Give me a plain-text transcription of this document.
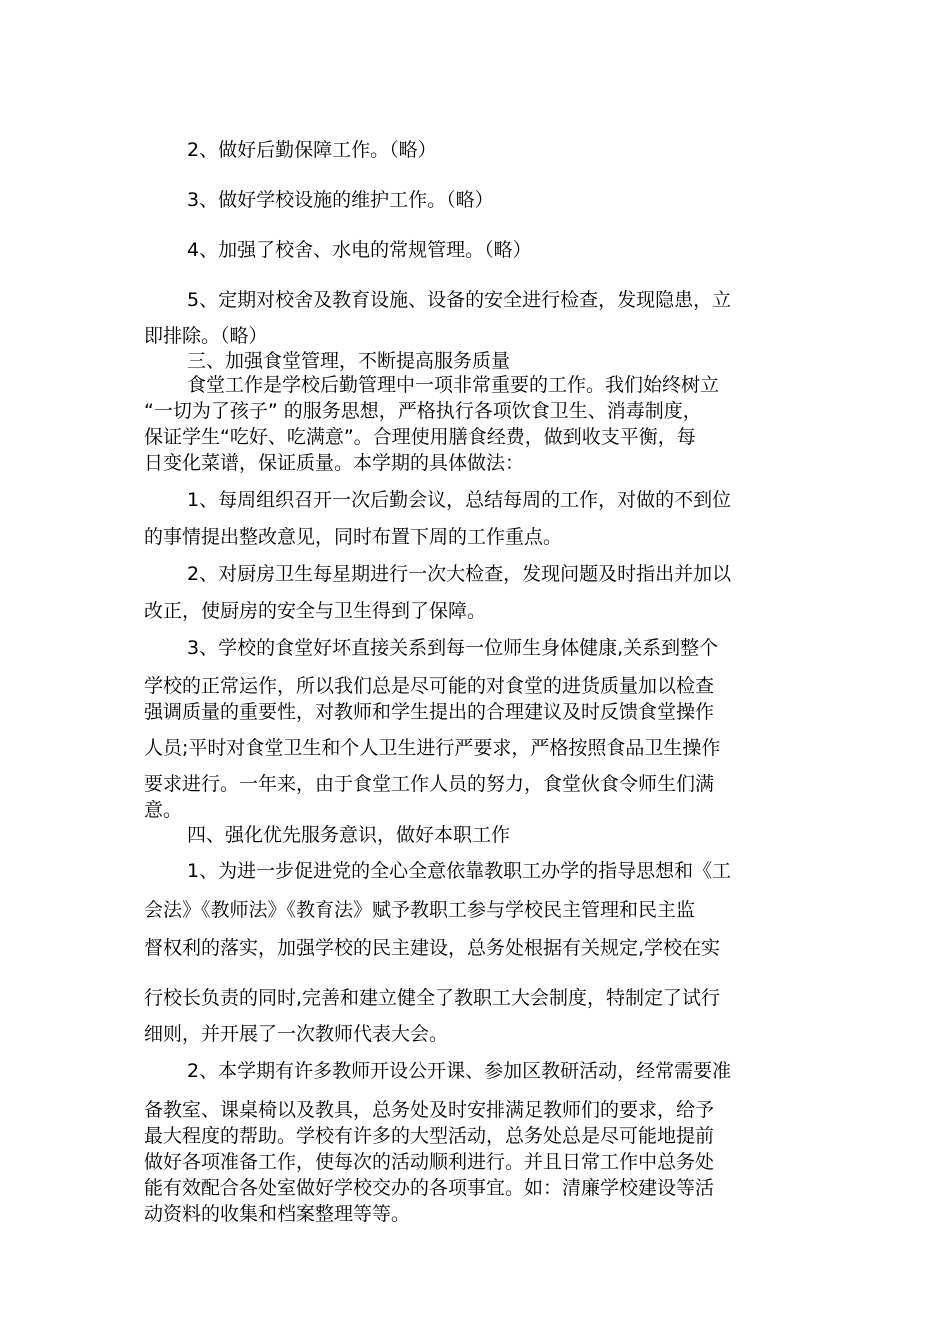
2、做好后勤保障工作。（略）
3、做好学校设施的维护工作。（略）
4、加强了校舍、水电的常规管理。（略）
5、定期对校舍及教育设施、设备的安全进行检查，发现隐患，立
即排除。（略）
三、加强食堂管理，不断提高服务质量
食堂工作是学校后勤管理中一项非常重要的工作。我们始终树立
“一切为了孩子” 的服务思想，严格执行各项饮食卫生、消毒制度，
保证学生“吃好、吃满意”。合理使用膳食经费，做到收支平衡，每
日变化菜谱，保证质量。本学期的具体做法：
1、每周组织召开一次后勤会议，总结每周的工作，对做的不到位
的事情提出整改意见，同时布置下周的工作重点。
2、对厨房卫生每星期进行一次大检查，发现问题及时指出并加以
改正，使厨房的安全与卫生得到了保障。
3、学校的食堂好坏直接关系到每一位师生身体健康,关系到整个
学校的正常运作，所以我们总是尽可能的对食堂的进货质量加以检查
强调质量的重要性，对教师和学生提出的合理建议及时反馈食堂操作
人员;平时对食堂卫生和个人卫生进行严要求，严格按照食品卫生操作
要求进行。一年来，由于食堂工作人员的努力，食堂伙食令师生们满
意。
四、强化优先服务意识，做好本职工作
1、为进一步促进党的全心全意依靠教职工办学的指导思想和《工
会法》《教师法》《教育法》赋予教职工参与学校民主管理和民主监
督权利的落实，加强学校的民主建设，总务处根据有关规定,学校在实
行校长负责的同时,完善和建立健全了教职工大会制度，特制定了试行
细则，并开展了一次教师代表大会。
2、本学期有许多教师开设公开课、参加区教研活动，经常需要准
备教室、课桌椅以及教具，总务处及时安排满足教师们的要求，给予
最大程度的帮助。学校有许多的大型活动，总务处总是尽可能地提前
做好各项准备工作，使每次的活动顺利进行。并且日常工作中总务处
能有效配合各处室做好学校交办的各项事宜。如：清廉学校建设等活
动资料的收集和档案整理等等。
